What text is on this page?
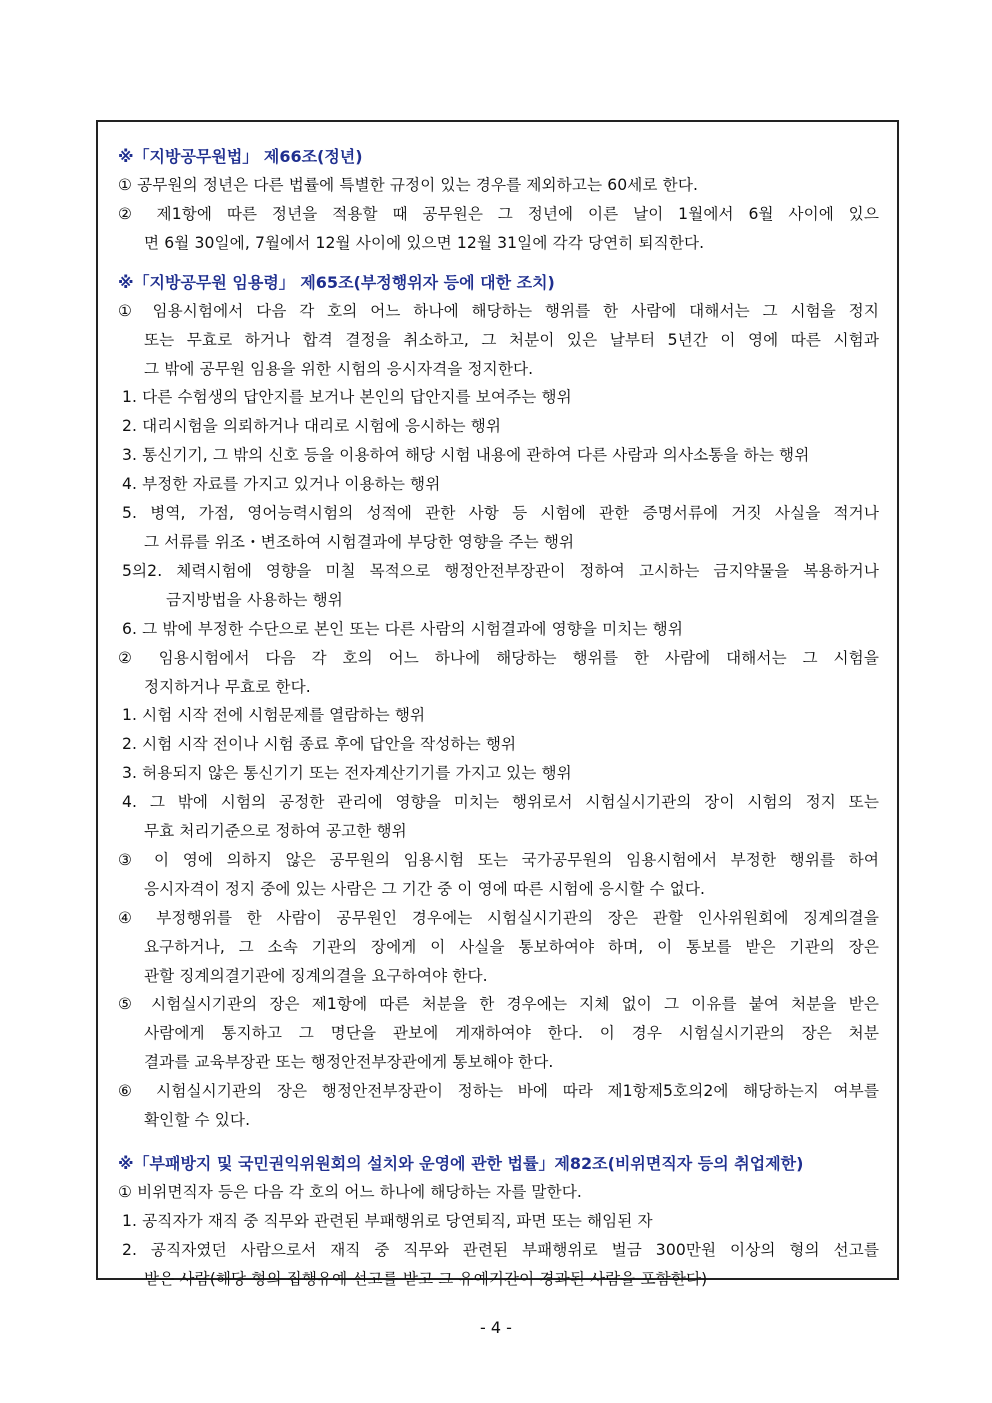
※「지방공무원법」 제66조(정년)
① 공무원의 정년은 다른 법률에 특별한 규정이 있는 경우를 제외하고는 60세로 한다.
② 제1항에 따른 정년을 적용할 때 공무원은 그 정년에 이른 날이 1월에서 6월 사이에 있으
면 6월 30일에, 7월에서 12월 사이에 있으면 12월 31일에 각각 당연히 퇴직한다.
※「지방공무원 임용령」 제65조(부정행위자 등에 대한 조치)
① 임용시험에서 다음 각 호의 어느 하나에 해당하는 행위를 한 사람에 대해서는 그 시험을 정지
또는 무효로 하거나 합격 결정을 취소하고, 그 처분이 있은 날부터 5년간 이 영에 따른 시험과
그 밖에 공무원 임용을 위한 시험의 응시자격을 정지한다.
1. 다른 수험생의 답안지를 보거나 본인의 답안지를 보여주는 행위
2. 대리시험을 의뢰하거나 대리로 시험에 응시하는 행위
3. 통신기기, 그 밖의 신호 등을 이용하여 해당 시험 내용에 관하여 다른 사람과 의사소통을 하는 행위
4. 부정한 자료를 가지고 있거나 이용하는 행위
5. 병역, 가점, 영어능력시험의 성적에 관한 사항 등 시험에 관한 증명서류에 거짓 사실을 적거나
그 서류를 위조・변조하여 시험결과에 부당한 영향을 주는 행위
5의2. 체력시험에 영향을 미칠 목적으로 행정안전부장관이 정하여 고시하는 금지약물을 복용하거나
금지방법을 사용하는 행위
6. 그 밖에 부정한 수단으로 본인 또는 다른 사람의 시험결과에 영향을 미치는 행위
② 임용시험에서 다음 각 호의 어느 하나에 해당하는 행위를 한 사람에 대해서는 그 시험을
정지하거나 무효로 한다.
1. 시험 시작 전에 시험문제를 열람하는 행위
2. 시험 시작 전이나 시험 종료 후에 답안을 작성하는 행위
3. 허용되지 않은 통신기기 또는 전자계산기기를 가지고 있는 행위
4. 그 밖에 시험의 공정한 관리에 영향을 미치는 행위로서 시험실시기관의 장이 시험의 정지 또는
무효 처리기준으로 정하여 공고한 행위
③ 이 영에 의하지 않은 공무원의 임용시험 또는 국가공무원의 임용시험에서 부정한 행위를 하여
응시자격이 정지 중에 있는 사람은 그 기간 중 이 영에 따른 시험에 응시할 수 없다.
④ 부정행위를 한 사람이 공무원인 경우에는 시험실시기관의 장은 관할 인사위원회에 징계의결을
요구하거나, 그 소속 기관의 장에게 이 사실을 통보하여야 하며, 이 통보를 받은 기관의 장은
관할 징계의결기관에 징계의결을 요구하여야 한다.
⑤ 시험실시기관의 장은 제1항에 따른 처분을 한 경우에는 지체 없이 그 이유를 붙여 처분을 받은
사람에게 통지하고 그 명단을 관보에 게재하여야 한다. 이 경우 시험실시기관의 장은 처분
결과를 교육부장관 또는 행정안전부장관에게 통보해야 한다.
⑥ 시험실시기관의 장은 행정안전부장관이 정하는 바에 따라 제1항제5호의2에 해당하는지 여부를
확인할 수 있다.
※「부패방지 및 국민권익위원회의 설치와 운영에 관한 법률」제82조(비위면직자 등의 취업제한)
① 비위면직자 등은 다음 각 호의 어느 하나에 해당하는 자를 말한다.
1. 공직자가 재직 중 직무와 관련된 부패행위로 당연퇴직, 파면 또는 해임된 자
2. 공직자였던 사람으로서 재직 중 직무와 관련된 부패행위로 벌금 300만원 이상의 형의 선고를
받은 사람(해당 형의 집행유예 선고를 받고 그 유예기간이 경과된 사람을 포함한다)
- 4 -
